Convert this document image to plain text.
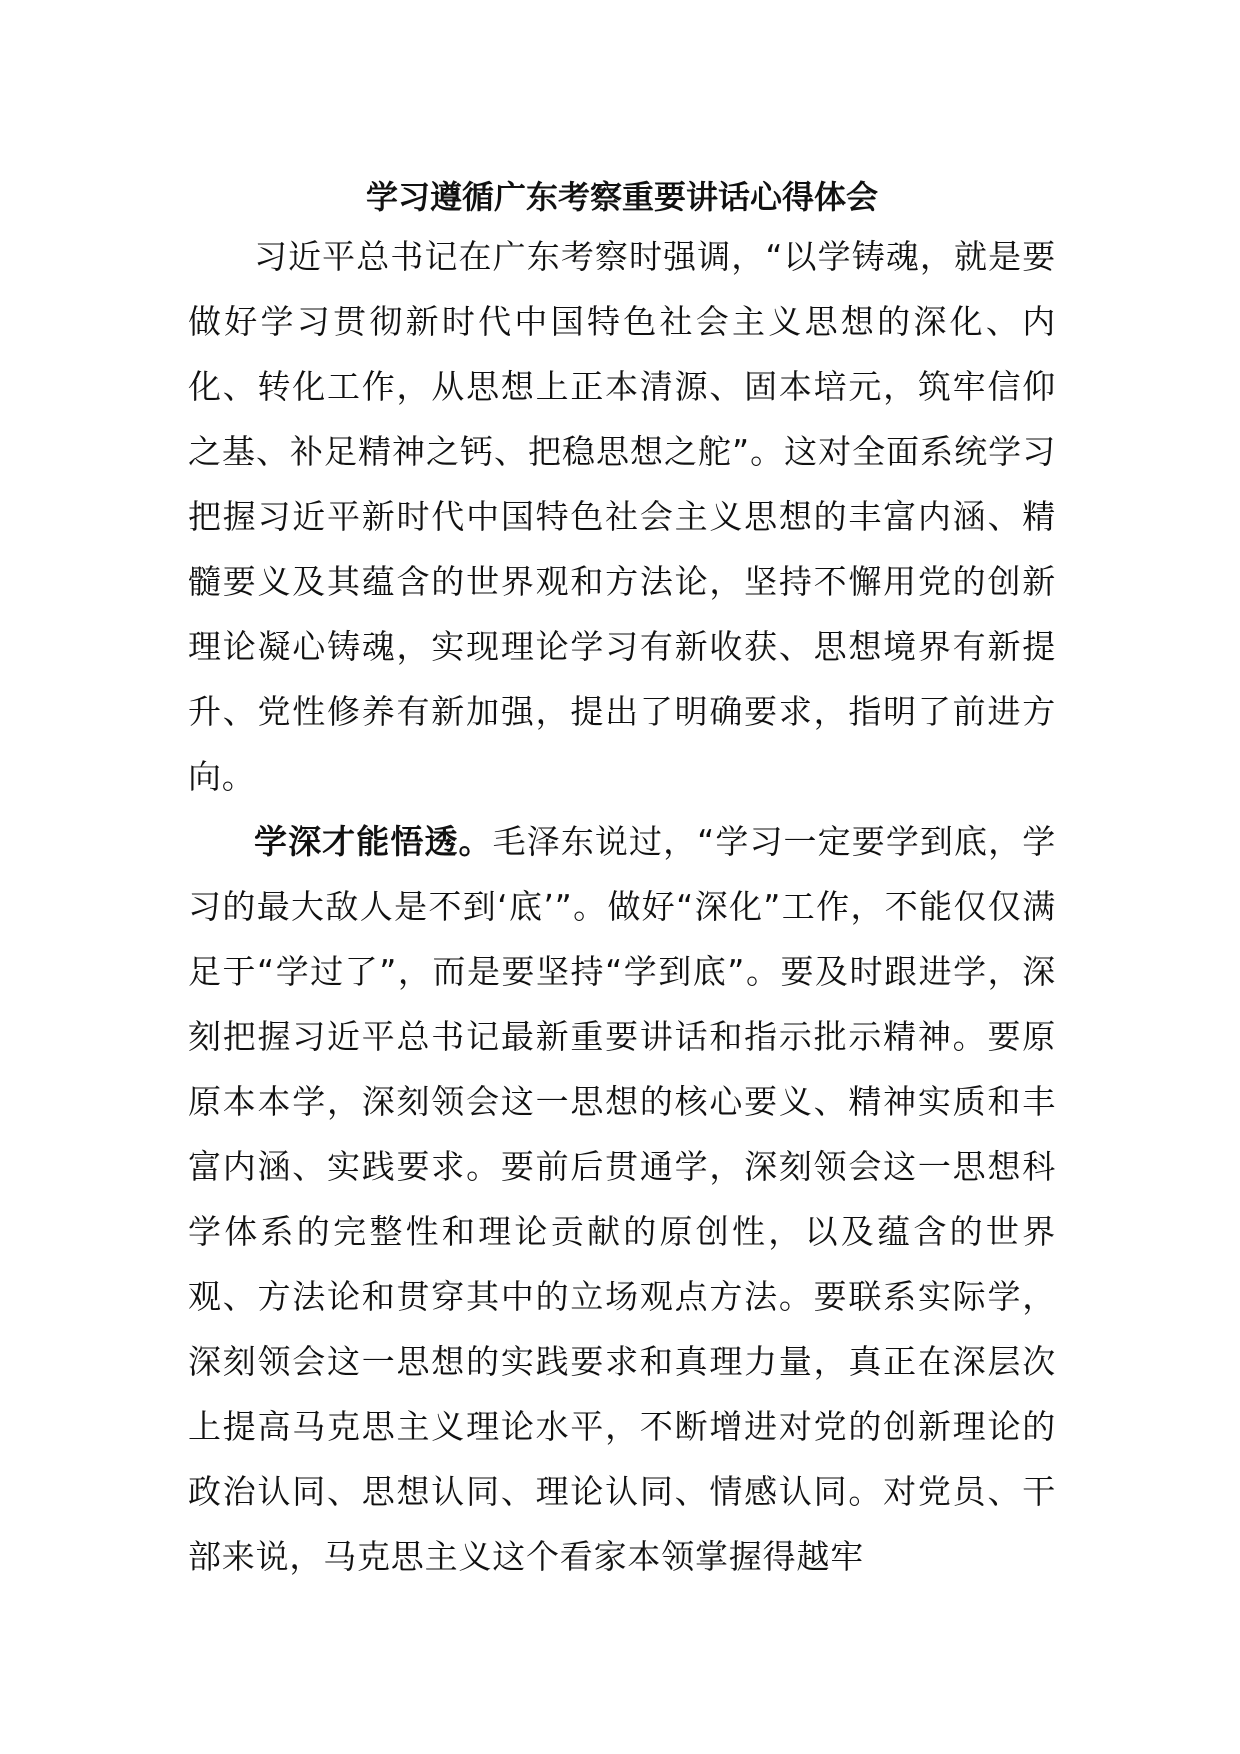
学习遵循广东考察重要讲话心得体会

习近平总书记在广东考察时强调，“以学铸魂，就是要做好学习贯彻新时代中国特色社会主义思想的深化、内化、转化工作，从思想上正本清源、固本培元，筑牢信仰之基、补足精神之钙、把稳思想之舵”。这对全面系统学习把握习近平新时代中国特色社会主义思想的丰富内涵、精髓要义及其蕴含的世界观和方法论，坚持不懈用党的创新理论凝心铸魂，实现理论学习有新收获、思想境界有新提升、党性修养有新加强，提出了明确要求，指明了前进方向。

学深才能悟透。毛泽东说过，“学习一定要学到底，学习的最大敌人是不到‘底’”。做好“深化”工作，不能仅仅满足于“学过了”，而是要坚持“学到底”。要及时跟进学，深刻把握习近平总书记最新重要讲话和指示批示精神。要原原本本学，深刻领会这一思想的核心要义、精神实质和丰富内涵、实践要求。要前后贯通学，深刻领会这一思想科学体系的完整性和理论贡献的原创性，以及蕴含的世界观、方法论和贯穿其中的立场观点方法。要联系实际学，深刻领会这一思想的实践要求和真理力量，真正在深层次上提高马克思主义理论水平，不断增进对党的创新理论的政治认同、思想认同、理论认同、情感认同。对党员、干部来说，马克思主义这个看家本领掌握得越牢
